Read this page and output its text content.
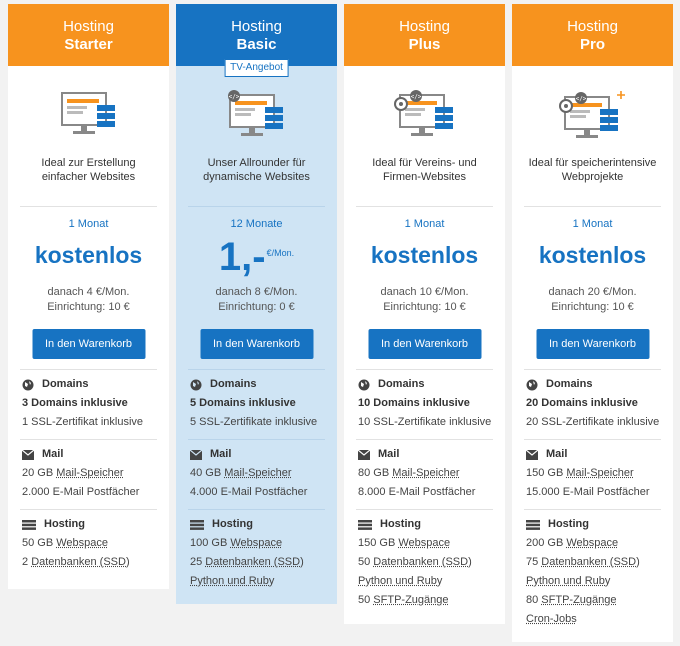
Hosting
Starter
Ideal zur Erstellung einfacher Websites
1 Monat
kostenlos
danach 4 €/Mon.
Einrichtung: 10 €
In den Warenkorb
Domains
3 Domains inklusive
1 SSL-Zertifikat inklusive
Mail
20 GB Mail-Speicher
2.000 E-Mail Postfächer
Hosting
50 GB Webspace
2 Datenbanken (SSD)
Hosting
Basic
TV-Angebot
</>
Unser Allrounder für dynamische Websites
12 Monate
1,-$^{€/Mon.}$
danach 8 €/Mon.
Einrichtung: 0 €
In den Warenkorb
Domains
5 Domains inklusive
5 SSL-Zertifikate inklusive
Mail
40 GB Mail-Speicher
4.000 E-Mail Postfächer
Hosting
100 GB Webspace
25 Datenbanken (SSD)
Python und Ruby
Hosting
Plus
</>
Ideal für Vereins- und Firmen-Websites
1 Monat
kostenlos
danach 10 €/Mon.
Einrichtung: 10 €
In den Warenkorb
Domains
10 Domains inklusive
10 SSL-Zertifikate inklusive
Mail
80 GB Mail-Speicher
8.000 E-Mail Postfächer
Hosting
150 GB Webspace
50 Datenbanken (SSD)
Python und Ruby
50 SFTP-Zugänge
Hosting
Pro
</>
Ideal für speicherintensive Webprojekte
1 Monat
kostenlos
danach 20 €/Mon.
Einrichtung: 10 €
In den Warenkorb
Domains
20 Domains inklusive
20 SSL-Zertifikate inklusive
Mail
150 GB Mail-Speicher
15.000 E-Mail Postfächer
Hosting
200 GB Webspace
75 Datenbanken (SSD)
Python und Ruby
80 SFTP-Zugänge
Cron-Jobs
